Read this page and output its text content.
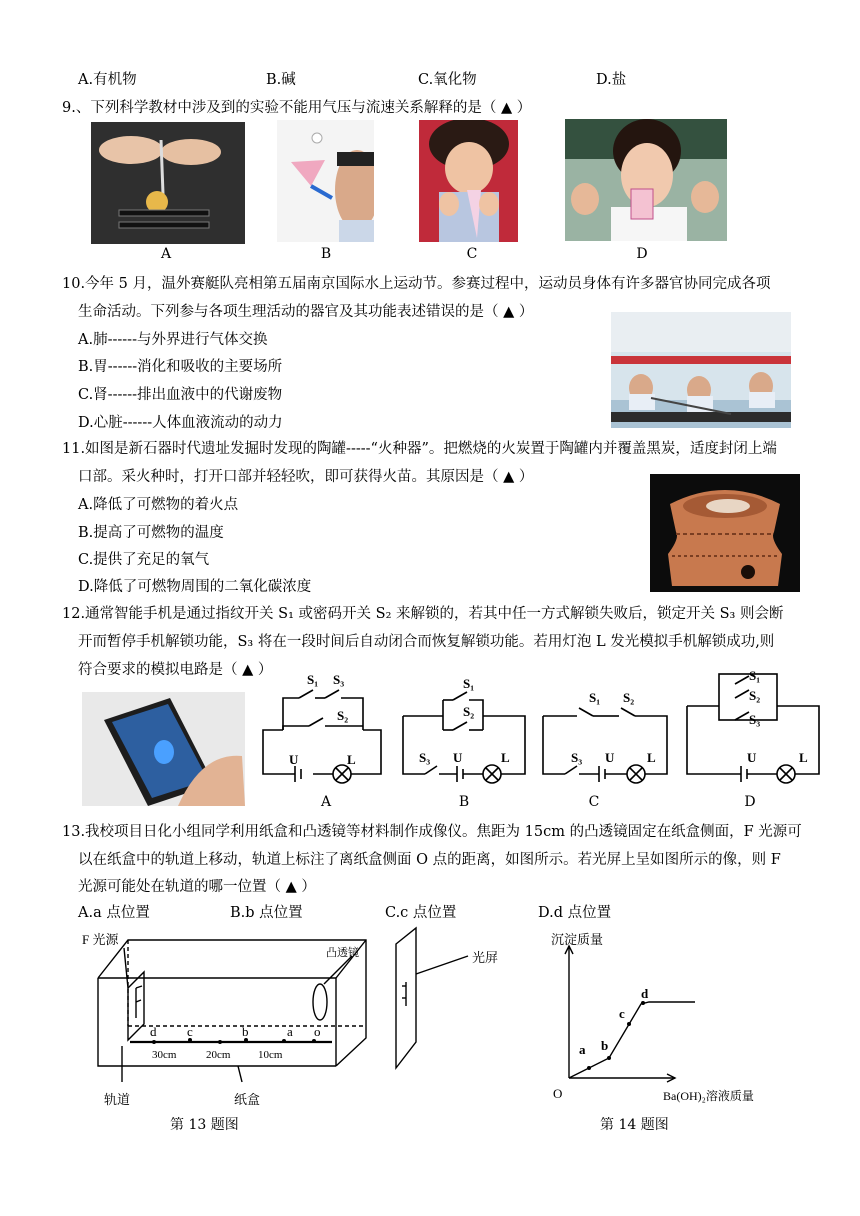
A.有机物	B.碱	C.氧化物	D.盐
9.、下列科学教材中涉及到的实验不能用气压与流速关系解释的是（ ▲ ）
A	B	C	D
10.今年 5 月，温外赛艇队亮相第五届南京国际水上运动节。参赛过程中，运动员身体有许多器官协同完成各项
生命活动。下列参与各项生理活动的器官及其功能表述错误的是（ ▲ ）
A.肺------与外界进行气体交换
B.胃------消化和吸收的主要场所
C.肾------排出血液中的代谢废物
D.心脏------人体血液流动的动力
11.如图是新石器时代遗址发掘时发现的陶罐-----“火种器”。把燃烧的火炭置于陶罐内并覆盖黑炭，适度封闭上端
口部。采火种时，打开口部并轻轻吹，即可获得火苗。其原因是（ ▲ ）
A.降低了可燃物的着火点
B.提高了可燃物的温度
C.提供了充足的氧气
D.降低了可燃物周围的二氧化碳浓度
12.通常智能手机是通过指纹开关 S₁ 或密码开关 S₂ 来解锁的，若其中任一方式解锁失败后，锁定开关 S₃ 则会断
开而暂停手机解锁功能，S₃ 将在一段时间后自动闭合而恢复解锁功能。若用灯泡 L 发光模拟手机解锁成功,则
符合要求的模拟电路是（ ▲ ）
S₁ S₃
S₂
U	L
S₁
S₂
S₃ U	L
S₁ S₂
S₃ U	L
S₁
S₂
S₃
U	L
A	B	C	D
13.我校项目日化小组同学利用纸盒和凸透镜等材料制作成像仪。焦距为 15cm 的凸透镜固定在纸盒侧面，F 光源可
以在纸盒中的轨道上移动，轨道上标注了离纸盒侧面 O 点的距离，如图所示。若光屏上呈如图所示的像，则 F
光源可能处在轨道的哪一位置（ ▲ ）
A.a 点位置	B.b 点位置	C.c 点位置	D.d 点位置
F 光源
凸透镜	光屏
轨道	纸盒
d c	b	a o
30cm	20cm	10cm
第 13 题图
沉淀质量
O	Ba(OH)₂溶液质量
a b
c
d
第 14 题图
